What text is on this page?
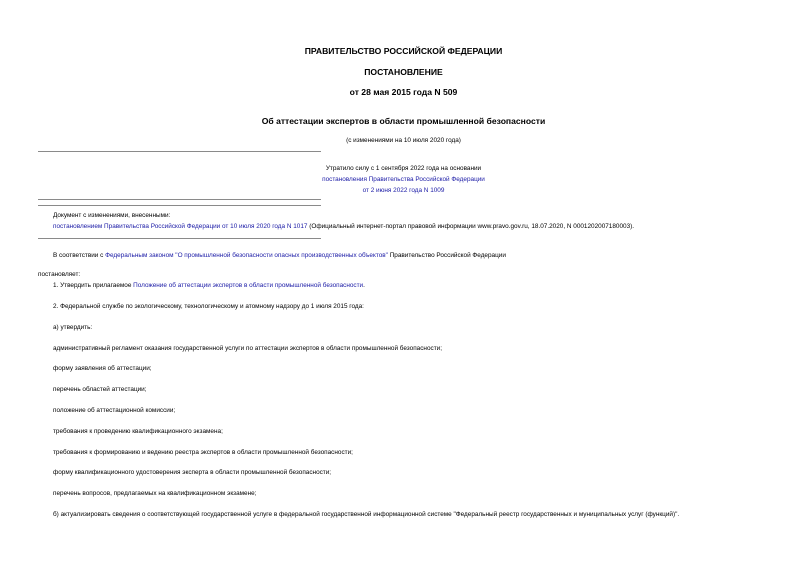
ПРАВИТЕЛЬСТВО РОССИЙСКОЙ ФЕДЕРАЦИИ
ПОСТАНОВЛЕНИЕ
от 28 мая 2015 года N 509
Об аттестации экспертов в области промышленной безопасности
(с изменениями на 10 июля 2020 года)
Утратило силу с 1 сентября 2022 года на основании
постановления Правительства Российской Федерации
от 2 июня 2022 года N 1009
Документ с изменениями, внесенными:
постановлением Правительства Российской Федерации от 10 июля 2020 года N 1017 (Официальный интернет-портал правовой информации www.pravo.gov.ru, 18.07.2020, N 0001202007180003).
В соответствии с Федеральным законом "О промышленной безопасности опасных производственных объектов" Правительство Российской Федерации
постановляет:
1. Утвердить прилагаемое Положение об аттестации экспертов в области промышленной безопасности.
2. Федеральной службе по экологическому, технологическому и атомному надзору до 1 июля 2015 года:
а) утвердить:
административный регламент оказания государственной услуги по аттестации экспертов в области промышленной безопасности;
форму заявления об аттестации;
перечень областей аттестации;
положение об аттестационной комиссии;
требования к проведению квалификационного экзамена;
требования к формированию и ведению реестра экспертов в области промышленной безопасности;
форму квалификационного удостоверения эксперта в области промышленной безопасности;
перечень вопросов, предлагаемых на квалификационном экзамене;
б) актуализировать сведения о соответствующей государственной услуге в федеральной государственной информационной системе "Федеральный реестр государственных и муниципальных услуг (функций)".
